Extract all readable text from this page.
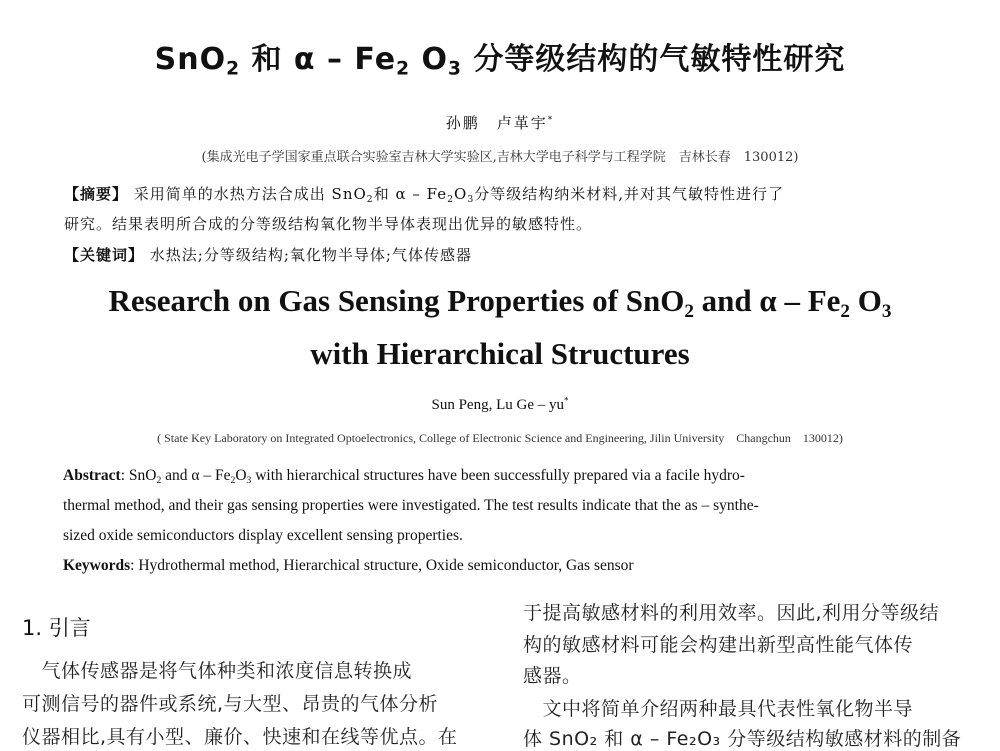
SnO$_2$ 和 α – $Fe_2$ $O_3$ 分等级结构的气敏特性研究
孙鹏　卢革宇*
(集成光电子学国家重点联合实验室吉林大学实验区,吉林大学电子科学与工程学院　吉林长春　130012)
【摘要】 采用简单的水热方法合成出 SnO$_2$和 α – $Fe_2O_3$分等级结构纳米材料,并对其气敏特性进行了
研究。结果表明所合成的分等级结构氧化物半导体表现出优异的敏感特性。
【关键词】 水热法;分等级结构;氧化物半导体;气体传感器
Research on Gas Sensing Properties of SnO$_2$ and α – $Fe_2$ $O_3$
with Hierarchical Structures
Sun Peng, Lu Ge – yu*
( State Key Laboratory on Integrated Optoelectronics, College of Electronic Science and Engineering, Jilin University　Changchun　130012)
Abstract: SnO$_2$ and α – $Fe_2O_3$ with hierarchical structures have been successfully prepared via a facile hydro-
thermal method, and their gas sensing properties were investigated. The test results indicate that the as – synthe-
sized oxide semiconductors display excellent sensing properties.
Keywords: Hydrothermal method, Hierarchical structure, Oxide semiconductor, Gas sensor
1. 引言
　气体传感器是将气体种类和浓度信息转换成
可测信号的器件或系统,与大型、昂贵的气体分析
仪器相比,具有小型、廉价、快速和在线等优点。在
于提高敏感材料的利用效率。因此,利用分等级结
构的敏感材料可能会构建出新型高性能气体传
感器。
　文中将简单介绍两种最具代表性氧化物半导
体 SnO₂ 和 α – Fe₂O₃ 分等级结构敏感材料的制备
